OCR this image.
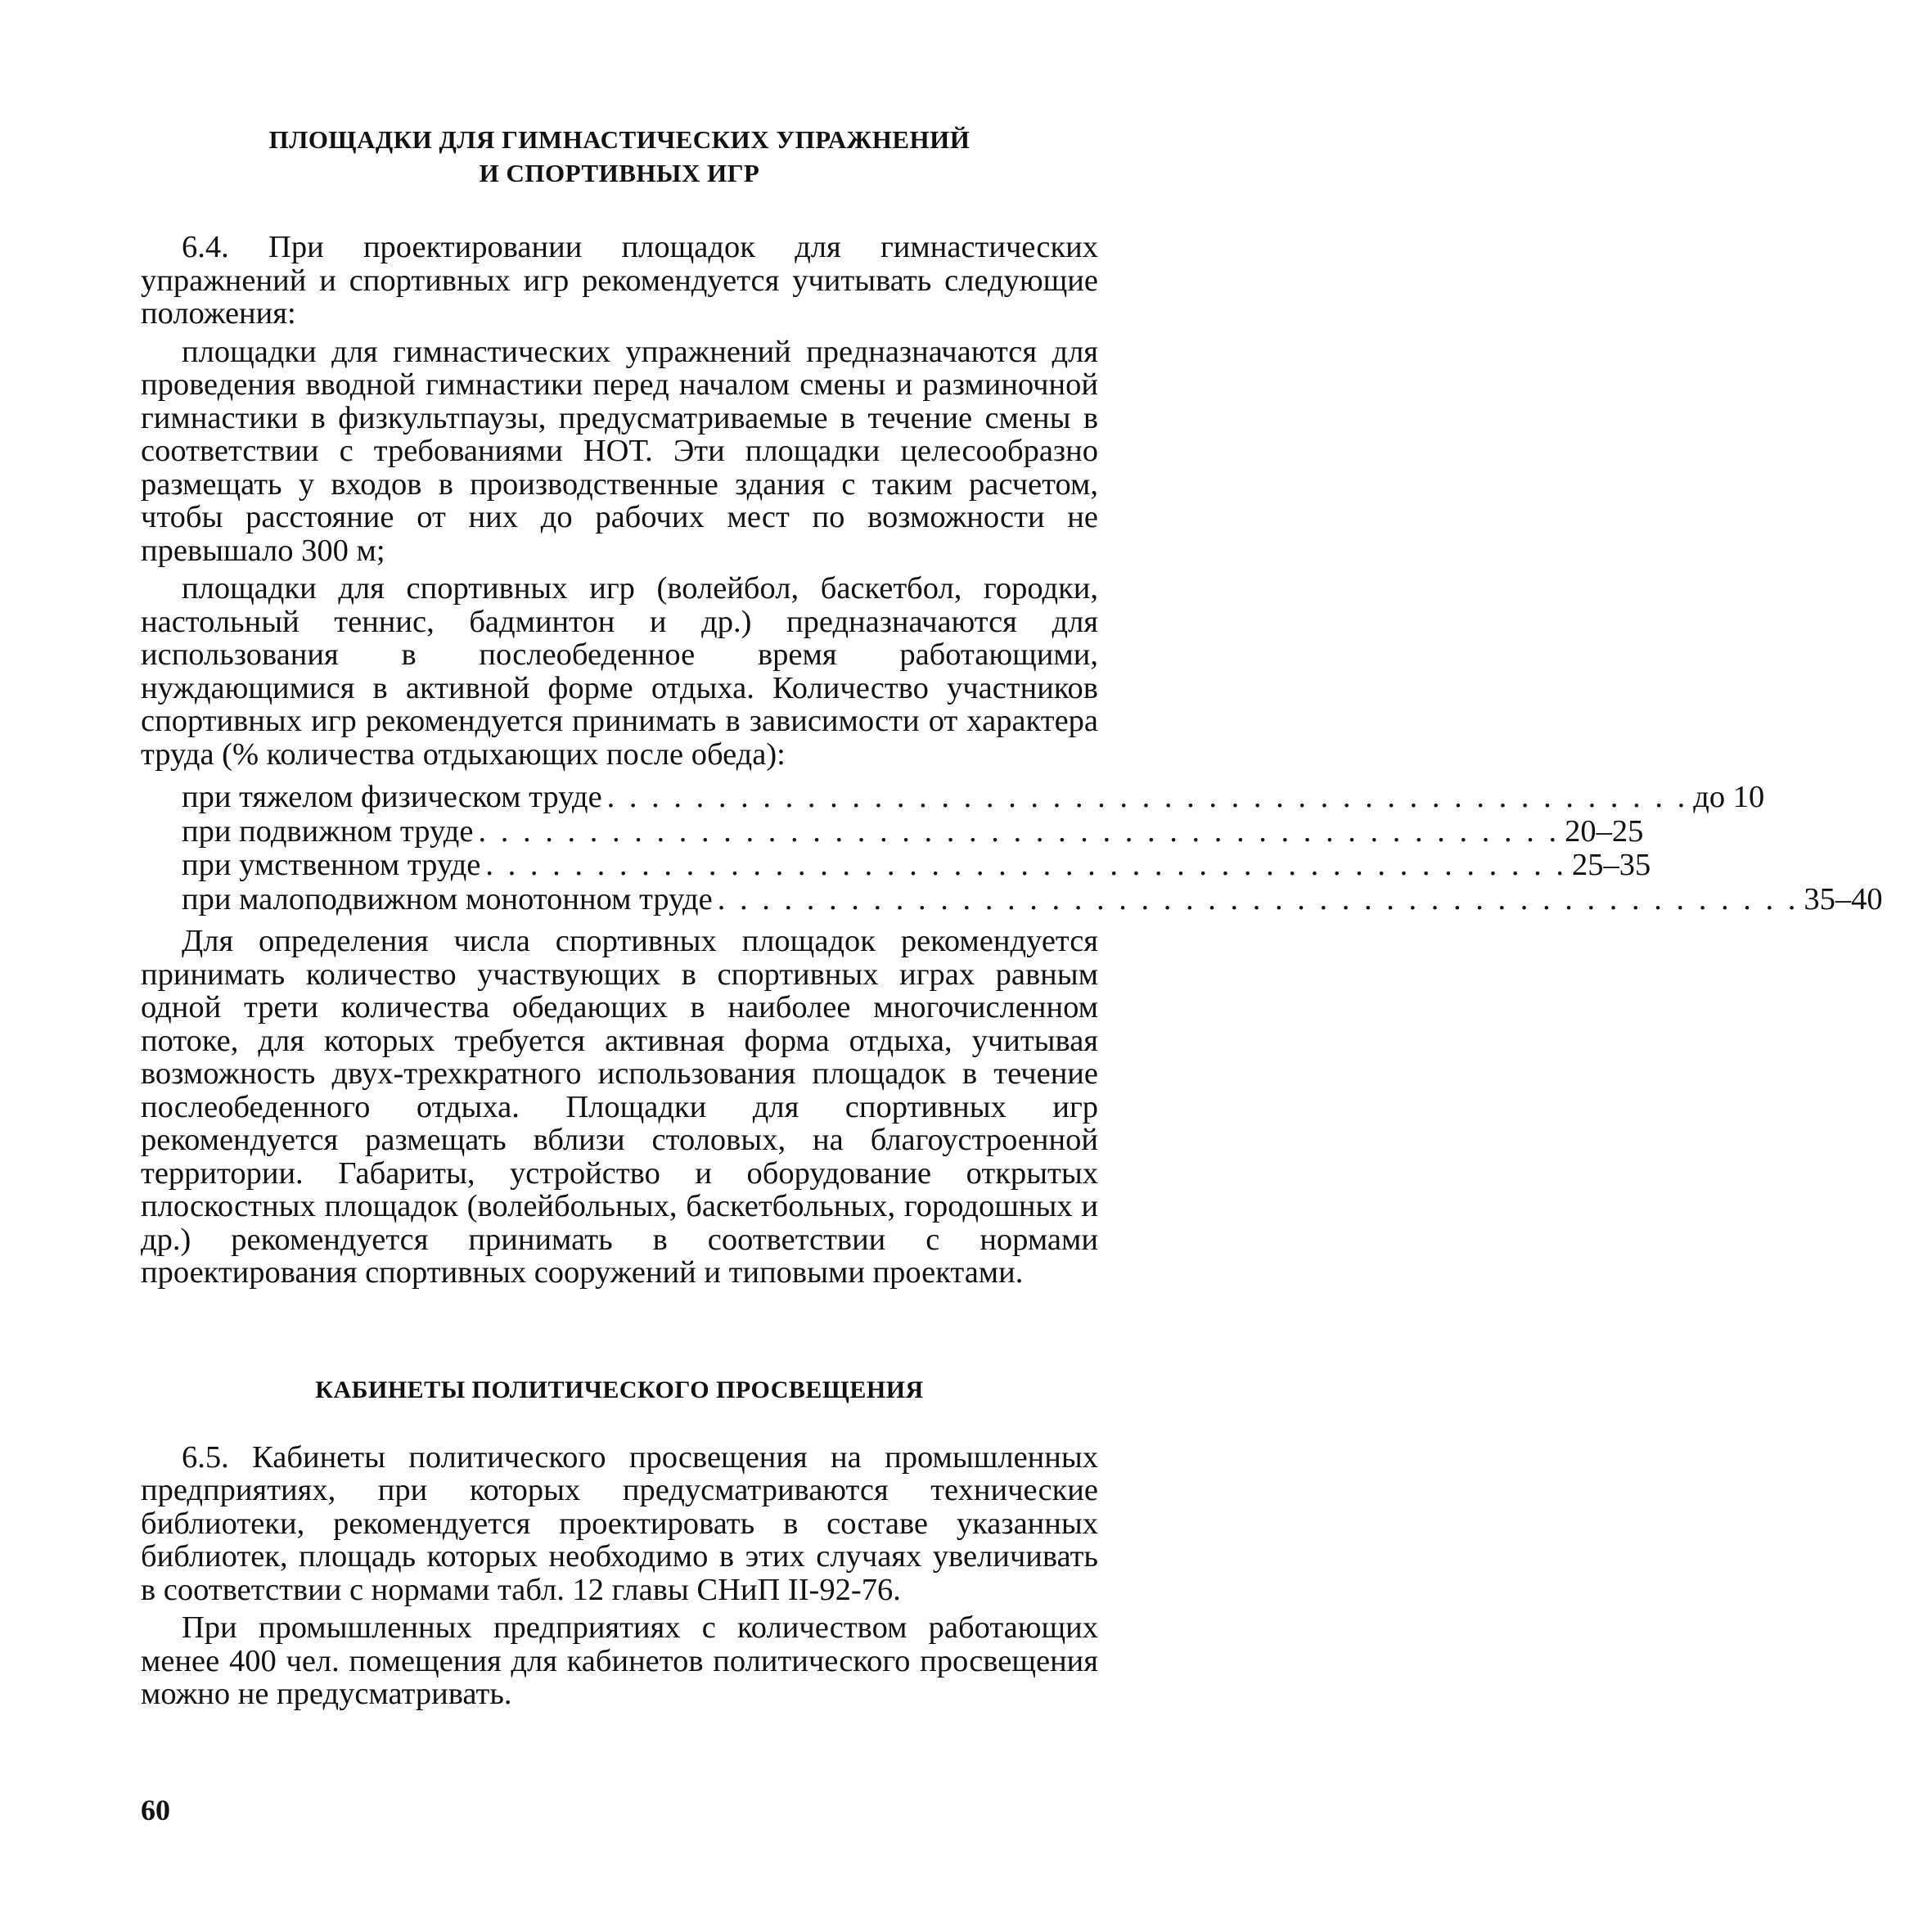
ПЛОЩАДКИ ДЛЯ ГИМНАСТИЧЕСКИХ УПРАЖНЕНИЙ
И СПОРТИВНЫХ ИГР

6.4. При проектировании площадок для гимнастических упражнений и спортивных игр рекомендуется учитывать следующие положения:

площадки для гимнастических упражнений предназначаются для проведения вводной гимнастики перед началом смены и разминочной гимнастики в физкультпаузы, предусматриваемые в течение смены в соответствии с требованиями НОТ. Эти площадки целесообразно размещать у входов в производственные здания с таким расчетом, чтобы расстояние от них до рабочих мест по возможности не превышало 300 м;

площадки для спортивных игр (волейбол, баскетбол, городки, настольный теннис, бадминтон и др.) предназначаются для использования в послеобеденное время работающими, нуждающимися в активной форме отдыха. Количество участников спортивных игр рекомендуется принимать в зависимости от характера труда (% количества отдыхающих после обеда):

при тяжелом физическом труде . . . . . . . . . . . . . . . . . . . . . . . . . . . . . . . . . . . . . . . . . . . . . . . . . до 10
при подвижном труде . . . . . . . . . . . . . . . . . . . . . . . . . . . . . . . . . . . . . . . . . . . . . . . . . 20–25
при умственном труде . . . . . . . . . . . . . . . . . . . . . . . . . . . . . . . . . . . . . . . . . . . . . . . . . 25–35
при малоподвижном монотонном труде . . . . . . . . . . . . . . . . . . . . . . . . . . . . . . . . . . . . . . . . . . . . . . . . . 35–40

Для определения числа спортивных площадок рекомендуется принимать количество участвующих в спортивных играх равным одной трети количества обедающих в наиболее многочисленном потоке, для которых требуется активная форма отдыха, учитывая возможность двух-трехкратного использования площадок в течение послеобеденного отдыха. Площадки для спортивных игр рекомендуется размещать вблизи столовых, на благоустроенной территории. Габариты, устройство и оборудование открытых плоскостных площадок (волейбольных, баскетбольных, городошных и др.) рекомендуется принимать в соответствии с нормами проектирования спортивных сооружений и типовыми проектами.

КАБИНЕТЫ ПОЛИТИЧЕСКОГО ПРОСВЕЩЕНИЯ

6.5. Кабинеты политического просвещения на промышленных предприятиях, при которых предусматриваются технические библиотеки, рекомендуется проектировать в составе указанных библиотек, площадь которых необходимо в этих случаях увеличивать в соответствии с нормами табл. 12 главы СНиП II-92-76.

При промышленных предприятиях с количеством работающих менее 400 чел. помещения для кабинетов политического просвещения можно не предусматривать.

60
